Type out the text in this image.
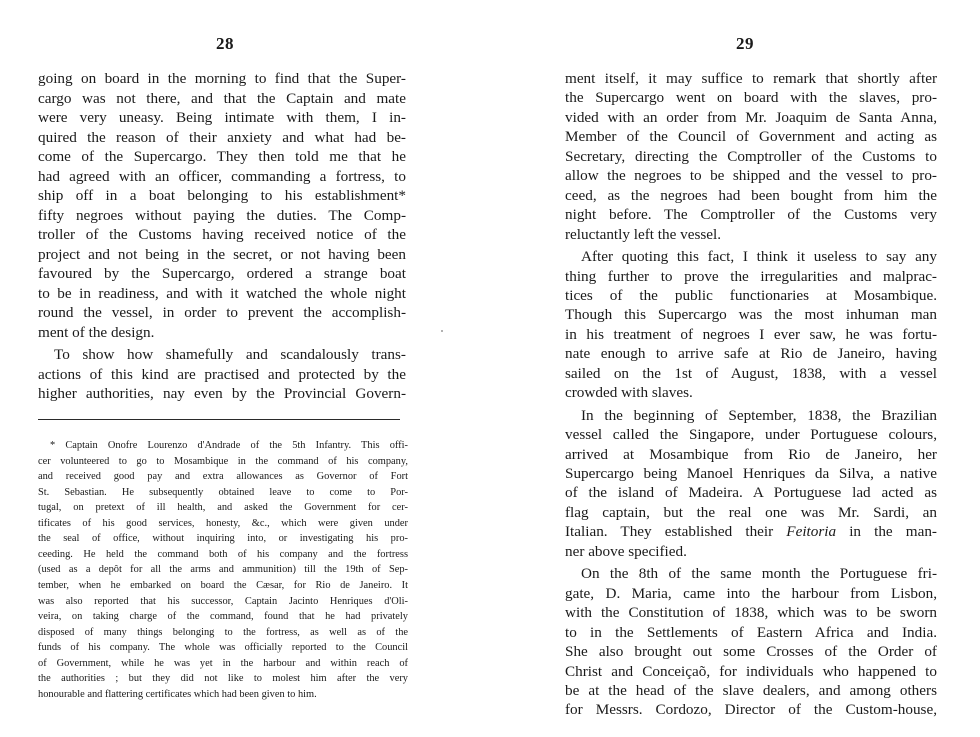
28
going on board in the morning to find that the Super-
cargo was not there, and that the Captain and mate
were very uneasy. Being intimate with them, I in-
quired the reason of their anxiety and what had be-
come of the Supercargo. They then told me that he
had agreed with an officer, commanding a fortress, to
ship off in a boat belonging to his establishment*
fifty negroes without paying the duties. The Comp-
troller of the Customs having received notice of the
project and not being in the secret, or not having been
favoured by the Supercargo, ordered a strange boat
to be in readiness, and with it watched the whole night
round the vessel, in order to prevent the accomplish-
ment of the design.
To show how shamefully and scandalously trans-
actions of this kind are practised and protected by the
higher authorities, nay even by the Provincial Govern-
* Captain Onofre Lourenzo d'Andrade of the 5th Infantry. This offi-
cer volunteered to go to Mosambique in the command of his company,
and received good pay and extra allowances as Governor of Fort
St. Sebastian. He subsequently obtained leave to come to Por-
tugal, on pretext of ill health, and asked the Government for cer-
tificates of his good services, honesty, &c., which were given under
the seal of office, without inquiring into, or investigating his pro-
ceeding. He held the command both of his company and the fortress
(used as a depôt for all the arms and ammunition) till the 19th of Sep-
tember, when he embarked on board the Cæsar, for Rio de Janeiro. It
was also reported that his successor, Captain Jacinto Henriques d'Oli-
veira, on taking charge of the command, found that he had privately
disposed of many things belonging to the fortress, as well as of the
funds of his company. The whole was officially reported to the Council
of Government, while he was yet in the harbour and within reach of
the authorities ; but they did not like to molest him after the very
honourable and flattering certificates which had been given to him.
29
ment itself, it may suffice to remark that shortly after
the Supercargo went on board with the slaves, pro-
vided with an order from Mr. Joaquim de Santa Anna,
Member of the Council of Government and acting as
Secretary, directing the Comptroller of the Customs to
allow the negroes to be shipped and the vessel to pro-
ceed, as the negroes had been bought from him the
night before. The Comptroller of the Customs very
reluctantly left the vessel.
After quoting this fact, I think it useless to say any
thing further to prove the irregularities and malprac-
tices of the public functionaries at Mosambique.
Though this Supercargo was the most inhuman man
in his treatment of negroes I ever saw, he was fortu-
nate enough to arrive safe at Rio de Janeiro, having
sailed on the 1st of August, 1838, with a vessel
crowded with slaves.
In the beginning of September, 1838, the Brazilian
vessel called the Singapore, under Portuguese colours,
arrived at Mosambique from Rio de Janeiro, her
Supercargo being Manoel Henriques da Silva, a native
of the island of Madeira. A Portuguese lad acted as
flag captain, but the real one was Mr. Sardi, an
Italian. They established their Feitoria in the man-
ner above specified.
On the 8th of the same month the Portuguese fri-
gate, D. Maria, came into the harbour from Lisbon,
with the Constitution of 1838, which was to be sworn
to in the Settlements of Eastern Africa and India.
She also brought out some Crosses of the Order of
Christ and Conceiçaõ, for individuals who happened to
be at the head of the slave dealers, and among others
for Messrs. Cordozo, Director of the Custom-house,
